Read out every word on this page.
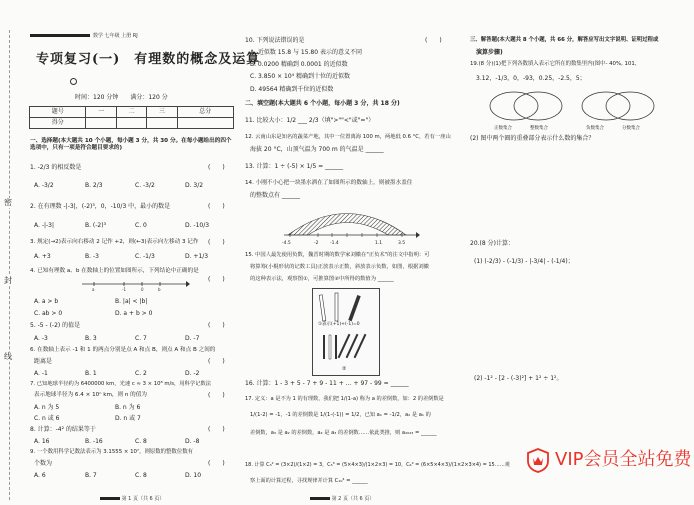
密
封
线
数学 七年级 上册 RJ
专项复习(一)　有理数的概念及运算
时间：120 分钟　　满分：120 分
题号	一	二	三	总分
得分				
一、选择题(本大题共 10 个小题，每小题 3 分，共 30 分。在每小题给出的四个选项中，只有一项是符合题目要求的)
1. -2/3 的相反数是	(　　)
A. -3/2	B. 2/3	C. -3/2	D. 3/2
2. 在有理数 -|-3|，(-2)³，0，-10/3 中，最小的数是	(　　)
A. -|-3|	B. (-2)³	C. 0	D. -10/3
3. 规定(→2)表示向右移动 2 记作 +2，则(←3)表示向左移动 3 记作 (　　)
A. +3	B. -3	C. -1/3	D. +1/3
4. 已知有理数 a、b 在数轴上的位置如图所示，下列结论中正确的是
(　　)
a	-1	0	b
A. a > b	B. |a| < |b|
C. ab > 0	D. a + b > 0
5. -5 - (-2) 的值是	(　　)
A. -3	B. 3	C. 7	D. -7
6. 在数轴上表示 -1 和 1 的两点分别是点 A 和点 B，则点 A 和点 B 之间的
距离是	(　　)
A. -1	B. 1	C. 2	D. -2
7. 已知地球半径约为 6400000 km，光速 c ≈ 3 × 10⁸ m/s，用科学记数法
表示地球半径为 6.4 × 10ⁿ km，则 n 的值为	(　　)
A. n 为 5	B. n 为 6
C. n 或 6	D. n 或 7
8. 计算：-4² 的结果等于	(　　)
A. 16	B. -16	C. 8	D. -8
9. 一个数用科学记数法表示为 3.1555 × 10⁷，则原数的整数位数有
个数为	(　　)
A. 6	B. 7	C. 8	D. 10
第 1 页（共 6 页）
10. 下列说法错误的是	(　　)
A. 近似数 15.8 与 15.80 表示的意义不同
B. 0.0200 精确到 0.0001 的近似数
C. 3.850 × 10⁴ 精确到十位的近似数
D. 49564 精确到千位的近似数
二、填空题(本大题共 6 个小题，每小题 3 分，共 18 分)
11. 比较大小：1/2 ___ 2/3（填">""<"或"="）
12. 云南山东是知名的蔬菜产地，其中一位置离海 100 m，两地低 0.6 °C，若有一座山
海拔 20 °C，山顶气温为 700 m 的气温是 ______
13. 计算：1 ÷ (-5) × 1/5 = ______
14. 小刚不小心把一块墨水洒在了如图所示的数轴上，则被墨水盖住
的整数点有 ______
-4.5	-2	-1.4	1.1	3.5
15. 中国人最先使用负数，魏晋时期的数学家刘徽在"正负术"的注文中指明：可
将算筹(小棍形状的记数工具)正放表示正数，斜放表示负数，如图，根据刘徽
的这种表示法，观察图①，可推算图②中所得的数值为 ______
①表示(+1)+(-1)=0
②
16. 计算：1 - 3 + 5 - 7 + 9 - 11 + … + 97 - 99 = ______
17. 定义：a 是不为 1 的有理数，我们把 1/(1-a) 称为 a 的差倒数，如：2 的差倒数是
1/(1-2) = -1，-1 的差倒数是 1/(1-(-1)) = 1/2，已知 a₁ = -1/2，a₂ 是 a₁ 的
差倒数，a₃ 是 a₂ 的差倒数，a₄ 是 a₃ 的差倒数……依此类推，则 a₂₀₂₃ = ______
18. 计算 C₃² = (3×2)/(1×2) = 3，C₅³ = (5×4×3)/(1×2×3) = 10，C₆⁴ = (6×5×4×3)/(1×2×3×4) = 15……观
察上面的计算过程，寻找规律并计算 C₁₀⁴ = ______
第 2 页（共 6 页）
三、解答题(本大题共 8 个小题，共 66 分，解答应写出文字说明、证明过程或
演算步骤)
19.(8 分)(1)把下列各数填入表示它所在的数集里内(图中- 40%, 101,
3.12，-1/3，0，-93，0.25，-2.5，5；
正数集合	整数集合	负数集合	分数集合
(2) 图中两个圈的重叠部分表示什么数的集合？
20.(8 分)计算：
(1) (-2/3) - (-1/3) - |-3/4| - (-1/4)；
(2) -1² - [2 - (-3)²] + 1² ÷ 1²。
VIP会员全站免费
